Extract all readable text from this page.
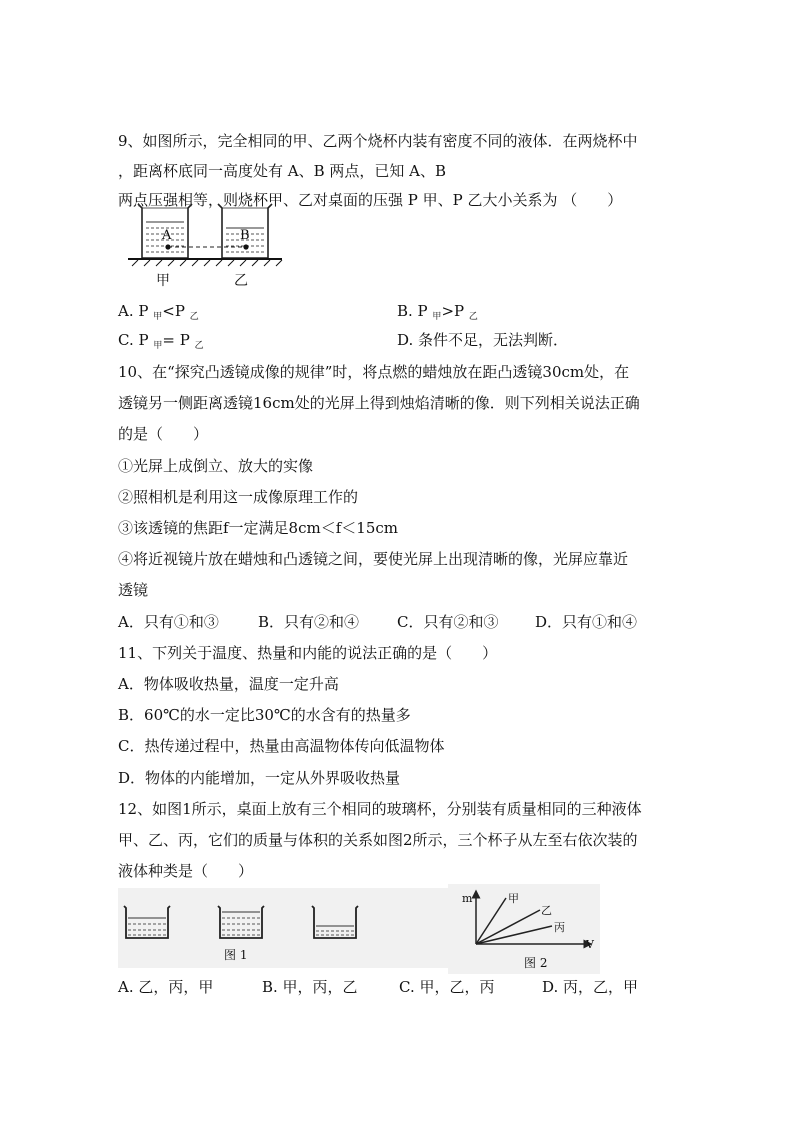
9、如图所示，完全相同的甲、乙两个烧杯内装有密度不同的液体．在两烧杯中
，距离杯底同一高度处有 A、B 两点，已知 A、B
两点压强相等，则烧杯甲、乙对桌面的压强 P 甲、P 乙大小关系为 （　　）
A	B
甲	乙
A. P $_甲$<P $_乙$	B. P $_甲$>P $_乙$
C. P $_甲$= P $_乙$	D. 条件不足，无法判断．
10、在“探究凸透镜成像的规律”时，将点燃的蜡烛放在距凸透镜30cm处，在
透镜另一侧距离透镜16cm处的光屏上得到烛焰清晰的像．则下列相关说法正确
的是（　　）
①光屏上成倒立、放大的实像
②照相机是利用这一成像原理工作的
③该透镜的焦距f一定满足8cm＜f＜15cm
④将近视镜片放在蜡烛和凸透镜之间，要使光屏上出现清晰的像，光屏应靠近
透镜
A．只有①和③	B．只有②和④	C．只有②和③ D．只有①和④
11、下列关于温度、热量和内能的说法正确的是（　　）
A．物体吸收热量，温度一定升高
B．60℃的水一定比30℃的水含有的热量多
C．热传递过程中，热量由高温物体传向低温物体
D．物体的内能增加，一定从外界吸收热量
12、如图1所示，桌面上放有三个相同的玻璃杯，分别装有质量相同的三种液体
甲、乙、丙，它们的质量与体积的关系如图2所示，三个杯子从左至右依次装的
液体种类是（　　）
图 1
m
V
甲
乙
丙
图 2
A. 乙，丙，甲	B. 甲，丙，乙	C. 甲，乙，丙	D. 丙，乙，甲
